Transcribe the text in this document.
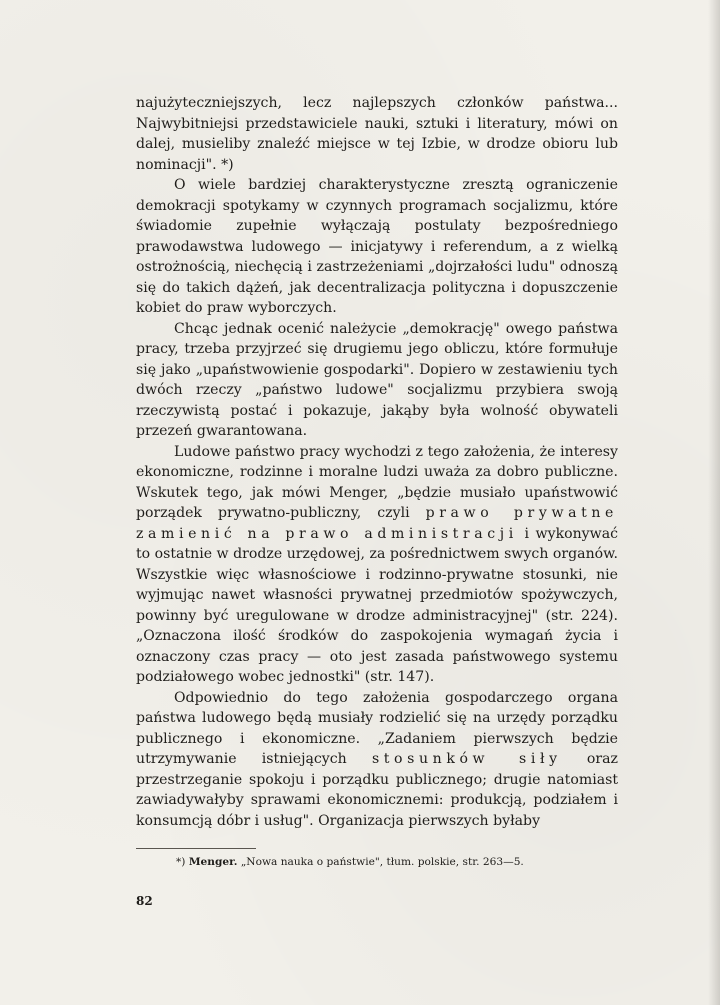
najużyteczniejszych, lecz najlepszych członków państwa... Najwybitniejsi przedstawiciele nauki, sztuki i literatury, mówi on dalej, musieliby znaleźć miejsce w tej Izbie, w drodze obioru lub nominacji". *)

O wiele bardziej charakterystyczne zresztą ograniczenie demokracji spotykamy w czynnych programach socjalizmu, które świadomie zupełnie wyłączają postulaty bezpośredniego prawodawstwa ludowego — inicjatywy i referendum, a z wielką ostrożnością, niechęcią i zastrzeżeniami „dojrzałości ludu" odnoszą się do takich dążeń, jak decentralizacja polityczna i dopuszczenie kobiet do praw wyborczych.

Chcąc jednak ocenić należycie „demokrację" owego państwa pracy, trzeba przyjrzeć się drugiemu jego obliczu, które formułuje się jako „upaństwowienie gospodarki". Dopiero w zestawieniu tych dwóch rzeczy „państwo ludowe" socjalizmu przybiera swoją rzeczywistą postać i pokazuje, jakąby była wolność obywateli przezeń gwarantowana.

Ludowe państwo pracy wychodzi z tego założenia, że interesy ekonomiczne, rodzinne i moralne ludzi uważa za dobro publiczne. Wskutek tego, jak mówi Menger, „będzie musiało upaństwowić porządek prywatno-publiczny, czyli prawo prywatne zamienić na prawo administracji i wykonywać to ostatnie w drodze urzędowej, za pośrednictwem swych organów. Wszystkie więc własnościowe i rodzinno-prywatne stosunki, nie wyjmując nawet własności prywatnej przedmiotów spożywczych, powinny być uregulowane w drodze administracyjnej" (str. 224). „Oznaczona ilość środków do zaspokojenia wymagań życia i oznaczony czas pracy — oto jest zasada państwowego systemu podziałowego wobec jednostki" (str. 147).

Odpowiednio do tego założenia gospodarczego organa państwa ludowego będą musiały rodzielić się na urzędy porządku publicznego i ekonomiczne. „Zadaniem pierwszych będzie utrzymywanie istniejących stosunków siły oraz przestrzeganie spokoju i porządku publicznego; drugie natomiast zawiadywałyby sprawami ekonomicznemi: produkcją, podziałem i konsumcją dóbr i usług". Organizacja pierwszych byłaby

*) Menger. „Nowa nauka o państwie", tłum. polskie, str. 263—5.
82
